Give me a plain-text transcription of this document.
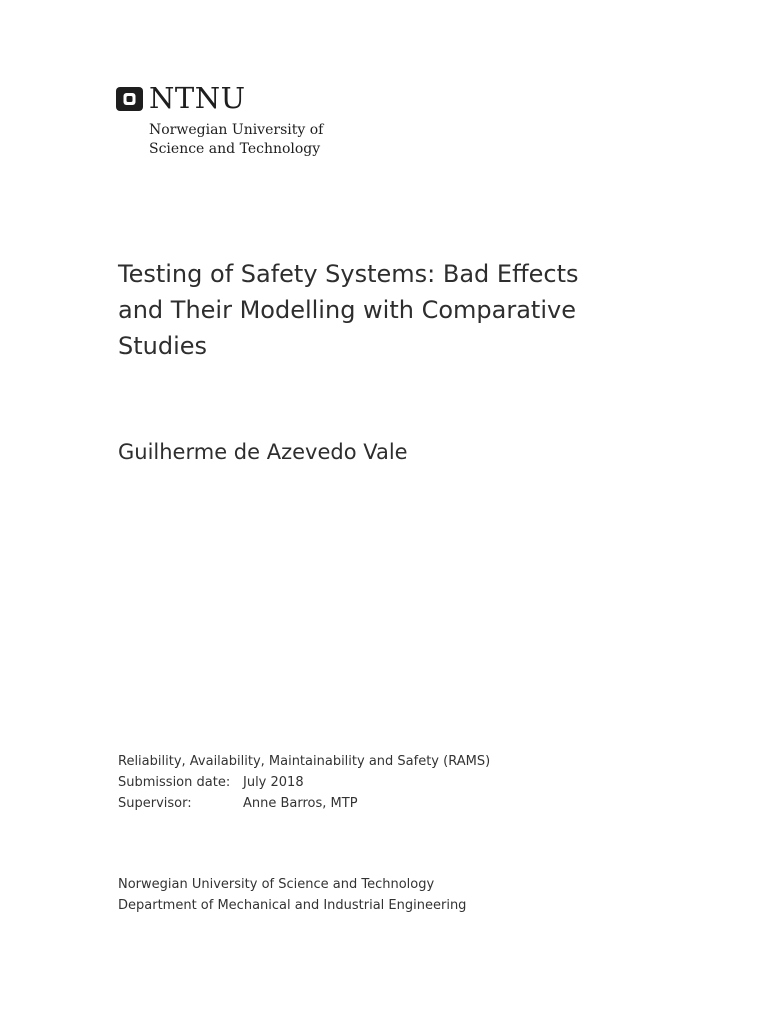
NTNU
Norwegian University of
Science and Technology
Testing of Safety Systems: Bad Effects
and Their Modelling with Comparative
Studies
Guilherme de Azevedo Vale
Reliability, Availability, Maintainability and Safety (RAMS)
Submission date: July 2018
Supervisor:	Anne Barros, MTP
Norwegian University of Science and Technology
Department of Mechanical and Industrial Engineering
